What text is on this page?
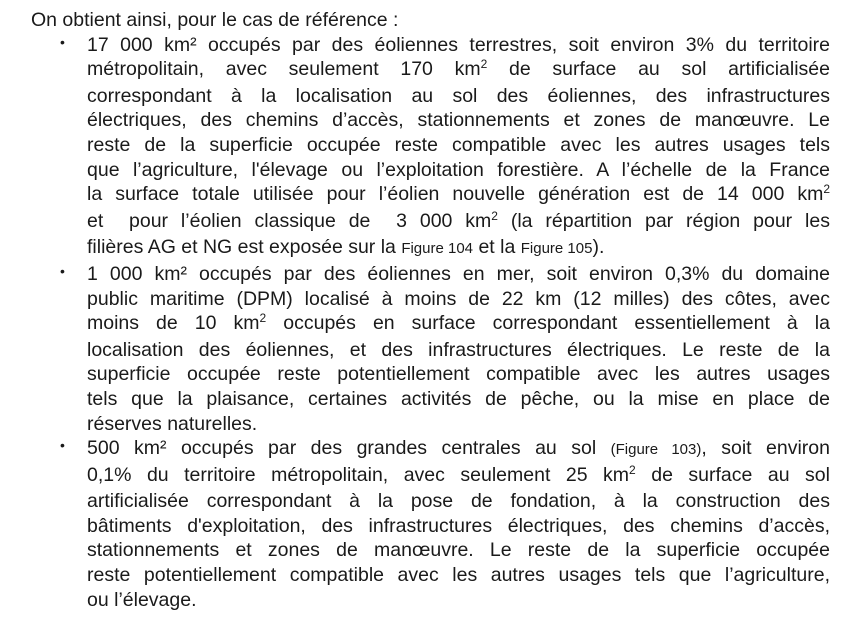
On obtient ainsi, pour le cas de référence :
•	17 000 km² occupés par des éoliennes terrestres, soit environ 3% du territoire
métropolitain, avec seulement 170 $km^2$ de surface au sol artificialisée
correspondant à la localisation au sol des éoliennes, des infrastructures
électriques, des chemins d’accès, stationnements et zones de manœuvre. Le
reste de la superficie occupée reste compatible avec les autres usages tels
que l’agriculture, l'élevage ou l’exploitation forestière. A l’échelle de la France
la surface totale utilisée pour l’éolien nouvelle génération est de 14 000 $km^2$
et  pour l’éolien classique de  3 000 $km^2$ (la répartition par région pour les
filières AG et NG est exposée sur la Figure 104 et la Figure 105).
•	1 000 km² occupés par des éoliennes en mer, soit environ 0,3% du domaine
public maritime (DPM) localisé à moins de 22 km (12 milles) des côtes, avec
moins de 10 $km^2$ occupés en surface correspondant essentiellement à la
localisation des éoliennes, et des infrastructures électriques. Le reste de la
superficie occupée reste potentiellement compatible avec les autres usages
tels que la plaisance, certaines activités de pêche, ou la mise en place de
réserves naturelles.
•	500 km² occupés par des grandes centrales au sol (Figure 103), soit environ
0,1% du territoire métropolitain, avec seulement 25 $km^2$ de surface au sol
artificialisée correspondant à la pose de fondation, à la construction des
bâtiments d'exploitation, des infrastructures électriques, des chemins d’accès,
stationnements et zones de manœuvre. Le reste de la superficie occupée
reste potentiellement compatible avec les autres usages tels que l’agriculture,
ou l’élevage.
